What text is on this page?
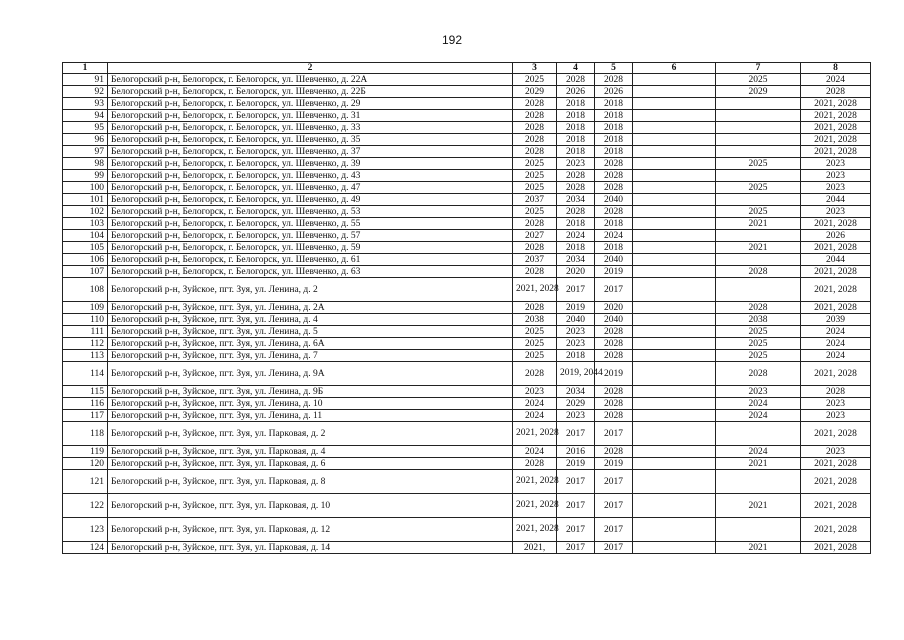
192
1	2	3	4	5	6	7	8
91	Белогорский р-н, Белогорск, г. Белогорск, ул. Шевченко, д. 22А	2025	2028	2028		2025	2024
92	Белогорский р-н, Белогорск, г. Белогорск, ул. Шевченко, д. 22Б	2029	2026	2026		2029	2028
93	Белогорский р-н, Белогорск, г. Белогорск, ул. Шевченко, д. 29	2028	2018	2018			2021, 2028
94	Белогорский р-н, Белогорск, г. Белогорск, ул. Шевченко, д. 31	2028	2018	2018			2021, 2028
95	Белогорский р-н, Белогорск, г. Белогорск, ул. Шевченко, д. 33	2028	2018	2018			2021, 2028
96	Белогорский р-н, Белогорск, г. Белогорск, ул. Шевченко, д. 35	2028	2018	2018			2021, 2028
97	Белогорский р-н, Белогорск, г. Белогорск, ул. Шевченко, д. 37	2028	2018	2018			2021, 2028
98	Белогорский р-н, Белогорск, г. Белогорск, ул. Шевченко, д. 39	2025	2023	2028		2025	2023
99	Белогорский р-н, Белогорск, г. Белогорск, ул. Шевченко, д. 43	2025	2028	2028			2023
100	Белогорский р-н, Белогорск, г. Белогорск, ул. Шевченко, д. 47	2025	2028	2028		2025	2023
101	Белогорский р-н, Белогорск, г. Белогорск, ул. Шевченко, д. 49	2037	2034	2040			2044
102	Белогорский р-н, Белогорск, г. Белогорск, ул. Шевченко, д. 53	2025	2028	2028		2025	2023
103	Белогорский р-н, Белогорск, г. Белогорск, ул. Шевченко, д. 55	2028	2018	2018		2021	2021, 2028
104	Белогорский р-н, Белогорск, г. Белогорск, ул. Шевченко, д. 57	2027	2024	2024			2026
105	Белогорский р-н, Белогорск, г. Белогорск, ул. Шевченко, д. 59	2028	2018	2018		2021	2021, 2028
106	Белогорский р-н, Белогорск, г. Белогорск, ул. Шевченко, д. 61	2037	2034	2040			2044
107	Белогорский р-н, Белогорск, г. Белогорск, ул. Шевченко, д. 63	2028	2020	2019		2028	2021, 2028
108	Белогорский р-н, Зуйское, пгт. Зуя, ул. Ленина, д. 2	2021, 2028	2017	2017			2021, 2028
109	Белогорский р-н, Зуйское, пгт. Зуя, ул. Ленина, д. 2А	2028	2019	2020		2028	2021, 2028
110	Белогорский р-н, Зуйское, пгт. Зуя, ул. Ленина, д. 4	2038	2040	2040		2038	2039
111	Белогорский р-н, Зуйское, пгт. Зуя, ул. Ленина, д. 5	2025	2023	2028		2025	2024
112	Белогорский р-н, Зуйское, пгт. Зуя, ул. Ленина, д. 6А	2025	2023	2028		2025	2024
113	Белогорский р-н, Зуйское, пгт. Зуя, ул. Ленина, д. 7	2025	2018	2028		2025	2024
114	Белогорский р-н, Зуйское, пгт. Зуя, ул. Ленина, д. 9А	2028	2019, 2044	2019		2028	2021, 2028
115	Белогорский р-н, Зуйское, пгт. Зуя, ул. Ленина, д. 9Б	2023	2034	2028		2023	2028
116	Белогорский р-н, Зуйское, пгт. Зуя, ул. Ленина, д. 10	2024	2029	2028		2024	2023
117	Белогорский р-н, Зуйское, пгт. Зуя, ул. Ленина, д. 11	2024	2023	2028		2024	2023
118	Белогорский р-н, Зуйское, пгт. Зуя, ул. Парковая, д. 2	2021, 2028	2017	2017			2021, 2028
119	Белогорский р-н, Зуйское, пгт. Зуя, ул. Парковая, д. 4	2024	2016	2028		2024	2023
120	Белогорский р-н, Зуйское, пгт. Зуя, ул. Парковая, д. 6	2028	2019	2019		2021	2021, 2028
121	Белогорский р-н, Зуйское, пгт. Зуя, ул. Парковая, д. 8	2021, 2028	2017	2017			2021, 2028
122	Белогорский р-н, Зуйское, пгт. Зуя, ул. Парковая, д. 10	2021, 2028	2017	2017		2021	2021, 2028
123	Белогорский р-н, Зуйское, пгт. Зуя, ул. Парковая, д. 12	2021, 2028	2017	2017			2021, 2028
124	Белогорский р-н, Зуйское, пгт. Зуя, ул. Парковая, д. 14	2021,	2017	2017		2021	2021, 2028
